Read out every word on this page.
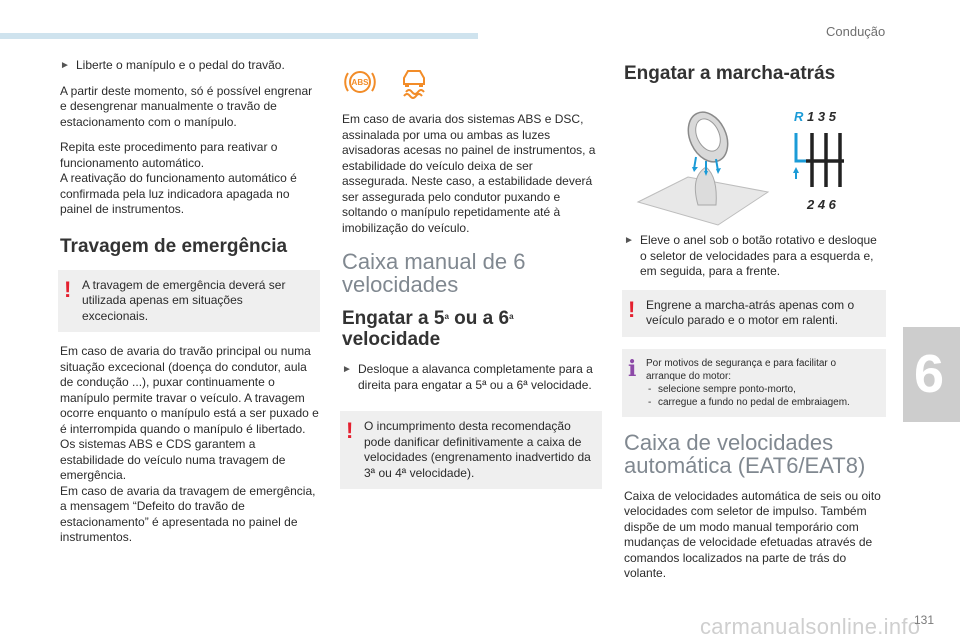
Condução
6
carmanualsonline.info
131
► Liberte o manípulo e o pedal do travão.

A partir deste momento, só é possível engrenar e desengrenar manualmente o travão de estacionamento com o manípulo.

Repita este procedimento para reativar o funcionamento automático.

A reativação do funcionamento automático é confirmada pela luz indicadora apagada no painel de instrumentos.

Travagem de emergência
! A travagem de emergência deverá ser utilizada apenas em situações excecionais.

Em caso de avaria do travão principal ou numa situação excecional (doença do condutor, aula de condução ...), puxar continuamente o manípulo permite travar o veículo. A travagem ocorre enquanto o manípulo está a ser puxado e é interrompida quando o manípulo é libertado.

Os sistemas ABS e CDS garantem a estabilidade do veículo numa travagem de emergência.

Em caso de avaria da travagem de emergência, a mensagem “Defeito do travão de estacionamento” é apresentada no painel de instrumentos.

ABS

Em caso de avaria dos sistemas ABS e DSC, assinalada por uma ou ambas as luzes avisadoras acesas no painel de instrumentos, a estabilidade do veículo deixa de ser assegurada. Neste caso, a estabilidade deverá ser assegurada pelo condutor puxando e soltando o manípulo repetidamente até à imobilização do veículo.

Caixa manual de 6 velocidades
Engatar a 5$^a$ ou a 6$^a$
velocidade
► Desloque a alavanca completamente para a direita para engatar a 5ª ou a 6ª velocidade.
! O incumprimento desta recomendação pode danificar definitivamente a caixa de velocidades (engrenamento inadvertido da 3ª ou 4ª velocidade).
Engatar a marcha-atrás
R 1 3 5
2 4 6
► Eleve o anel sob o botão rotativo e desloque o seletor de velocidades para a esquerda e, em seguida, para a frente.
! Engrene a marcha-atrás apenas com o veículo parado e o motor em ralenti.
i Por motivos de segurança e para facilitar o arranque do motor:
- selecione sempre ponto-morto,
- carregue a fundo no pedal de embraiagem.
Caixa de velocidades automática (EAT6/EAT8)

Caixa de velocidades automática de seis ou oito velocidades com seletor de impulso. Também dispõe de um modo manual temporário com mudanças de velocidade efetuadas através de comandos localizados na parte de trás do volante.
